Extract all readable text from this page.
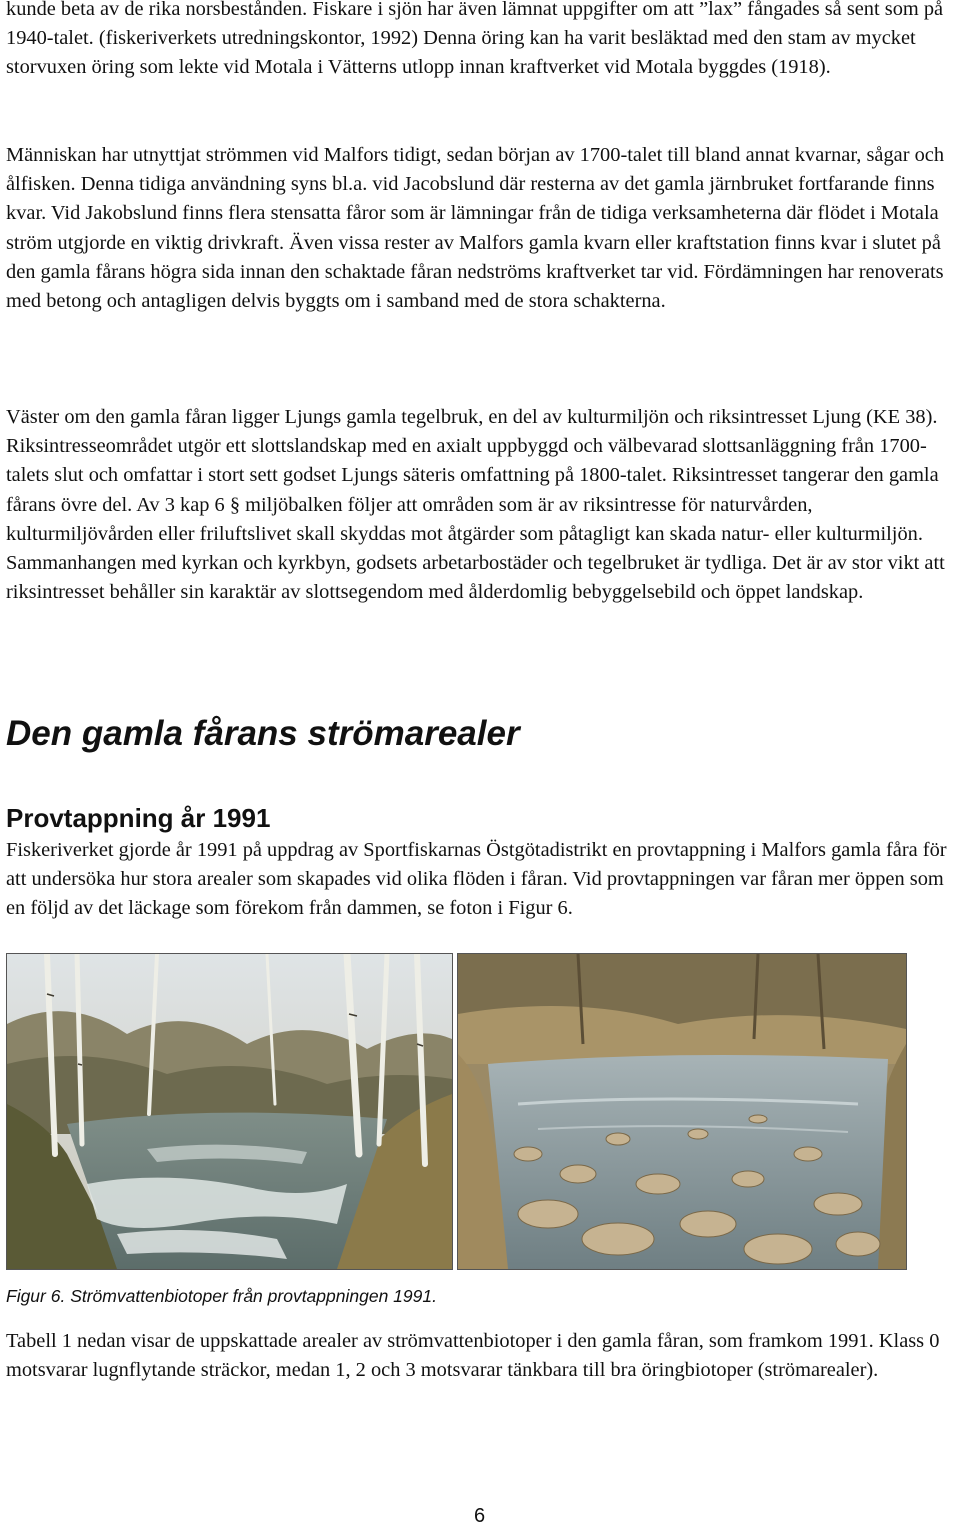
kunde beta av de rika norsbestånden. Fiskare i sjön har även lämnat uppgifter om att ”lax” fångades så sent som på 1940-talet. (fiskeriverkets utredningskontor, 1992) Denna öring kan ha varit besläktad med den stam av mycket storvuxen öring som lekte vid Motala i Vätterns utlopp innan kraftverket vid Motala byggdes (1918).

Människan har utnyttjat strömmen vid Malfors tidigt, sedan början av 1700-talet till bland annat kvarnar, sågar och ålfisken. Denna tidiga användning syns bl.a. vid Jacobslund där resterna av det gamla järnbruket fortfarande finns kvar. Vid Jakobslund finns flera stensatta fåror som är lämningar från de tidiga verksamheterna där flödet i Motala ström utgjorde en viktig drivkraft. Även vissa rester av Malfors gamla kvarn eller kraftstation finns kvar i slutet på den gamla fårans högra sida innan den schaktade fåran nedströms kraftverket tar vid. Fördämningen har renoverats med betong och antagligen delvis byggts om i samband med de stora schakterna.

Väster om den gamla fåran ligger Ljungs gamla tegelbruk, en del av kulturmiljön och riksintresset Ljung (KE 38). Riksintresseområdet utgör ett slottslandskap med en axialt uppbyggd och välbevarad slottsanläggning från 1700-talets slut och omfattar i stort sett godset Ljungs säteris omfattning på 1800-talet. Riksintresset tangerar den gamla fårans övre del. Av 3 kap 6 § miljöbalken följer att områden som är av riksintresse för naturvården, kulturmiljövården eller friluftslivet skall skyddas mot åtgärder som påtagligt kan skada natur- eller kulturmiljön. Sammanhangen med kyrkan och kyrkbyn, godsets arbetarbostäder och tegelbruket är tydliga. Det är av stor vikt att riksintresset behåller sin karaktär av slottsegendom med ålderdomlig bebyggelsebild och öppet landskap.

Den gamla fårans strömarealer
Provtappning år 1991

Fiskeriverket gjorde år 1991 på uppdrag av Sportfiskarnas Östgötadistrikt en provtappning i Malfors gamla fåra för att undersöka hur stora arealer som skapades vid olika flöden i fåran. Vid provtappningen var fåran mer öppen som en följd av det läckage som förekom från dammen, se foton i Figur 6.

Figur 6. Strömvattenbiotoper från provtappningen 1991.

Tabell 1 nedan visar de uppskattade arealer av strömvattenbiotoper i den gamla fåran, som framkom 1991. Klass 0 motsvarar lugnflytande sträckor, medan 1, 2 och 3 motsvarar tänkbara till bra öringbiotoper (strömarealer).

6
